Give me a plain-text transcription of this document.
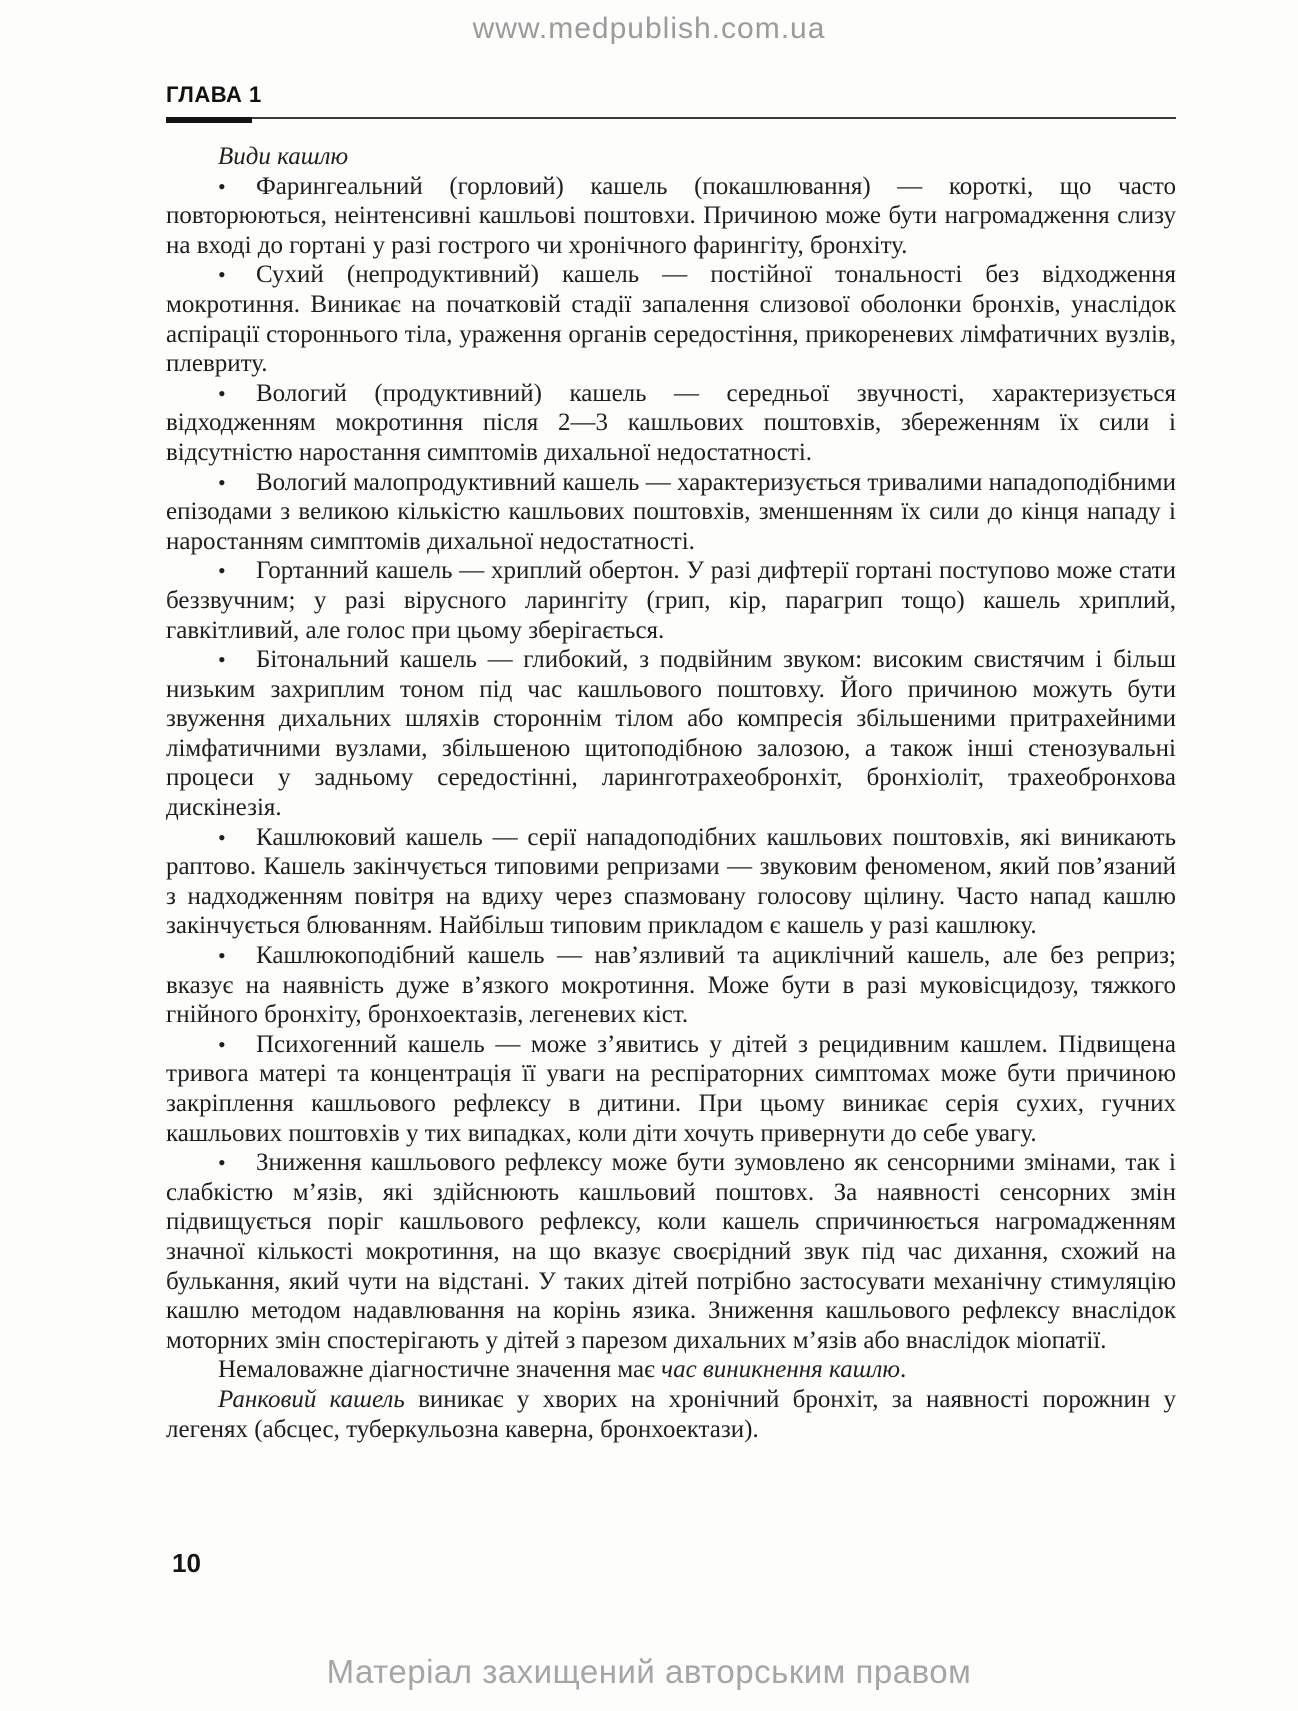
www.medpublish.com.ua
ГЛАВА 1

Види кашлю

• Фарингеальний (горловий) кашель (покашлювання) — короткі, що часто повторюються, неінтенсивні кашльові поштовхи. Причиною може бути нагромадження слизу на вході до гортані у разі гострого чи хронічного фарингіту, бронхіту.

• Сухий (непродуктивний) кашель — постійної тональності без відходження мокротиння. Виникає на початковій стадії запалення слизової оболонки бронхів, унаслідок аспірації стороннього тіла, ураження органів середостіння, прикореневих лімфатичних вузлів, плевриту.

• Вологий (продуктивний) кашель — середньої звучності, характеризується відходженням мокротиння після 2—3 кашльових поштовхів, збереженням їх сили і відсутністю наростання симптомів дихальної недостатності.

• Вологий малопродуктивний кашель — характеризується тривалими нападоподібними епізодами з великою кількістю кашльових поштовхів, зменшенням їх сили до кінця нападу і наростанням симптомів дихальної недостатності.

• Гортанний кашель — хриплий обертон. У разі дифтерії гортані поступово може стати беззвучним; у разі вірусного ларингіту (грип, кір, парагрип тощо) кашель хриплий, гавкітливий, але голос при цьому зберігається.

• Бітональний кашель — глибокий, з подвійним звуком: високим свистячим і більш низьким захриплим тоном під час кашльового поштовху. Його причиною можуть бути звуження дихальних шляхів стороннім тілом або компресія збільшеними притрахейними лімфатичними вузлами, збільшеною щитоподібною залозою, а також інші стенозувальні процеси у задньому середостінні, ларинготрахеобронхіт, бронхіоліт, трахеобронхова дискінезія.

• Кашлюковий кашель — серії нападоподібних кашльових поштовхів, які виникають раптово. Кашель закінчується типовими репризами — звуковим феноменом, який пов’язаний з надходженням повітря на вдиху через спазмовану голосову щілину. Часто напад кашлю закінчується блюванням. Найбільш типовим прикладом є кашель у разі кашлюку.

• Кашлюкоподібний кашель — нав’язливий та ациклічний кашель, але без реприз; вказує на наявність дуже в’язкого мокротиння. Може бути в разі муковісцидозу, тяжкого гнійного бронхіту, бронхоектазів, легеневих кіст.

• Психогенний кашель — може з’явитись у дітей з рецидивним кашлем. Підвищена тривога матері та концентрація її уваги на респіраторних симптомах може бути причиною закріплення кашльового рефлексу в дитини. При цьому виникає серія сухих, гучних кашльових поштовхів у тих випадках, коли діти хочуть привернути до себе увагу.

• Зниження кашльового рефлексу може бути зумовлено як сенсорними змінами, так і слабкістю м’язів, які здійснюють кашльовий поштовх. За наявності сенсорних змін підвищується поріг кашльового рефлексу, коли кашель спричинюється нагромадженням значної кількості мокротиння, на що вказує своєрідний звук під час дихання, схожий на булькання, який чути на відстані. У таких дітей потрібно застосувати механічну стимуляцію кашлю методом надавлювання на корінь язика. Зниження кашльового рефлексу внаслідок моторних змін спостерігають у дітей з парезом дихальних м’язів або внаслідок міопатії.

Немаловажне діагностичне значення має час виникнення кашлю.

Ранковий кашель виникає у хворих на хронічний бронхіт, за наявності порожнин у легенях (абсцес, туберкульозна каверна, бронхоектази).

10
Матеріал захищений авторським правом
